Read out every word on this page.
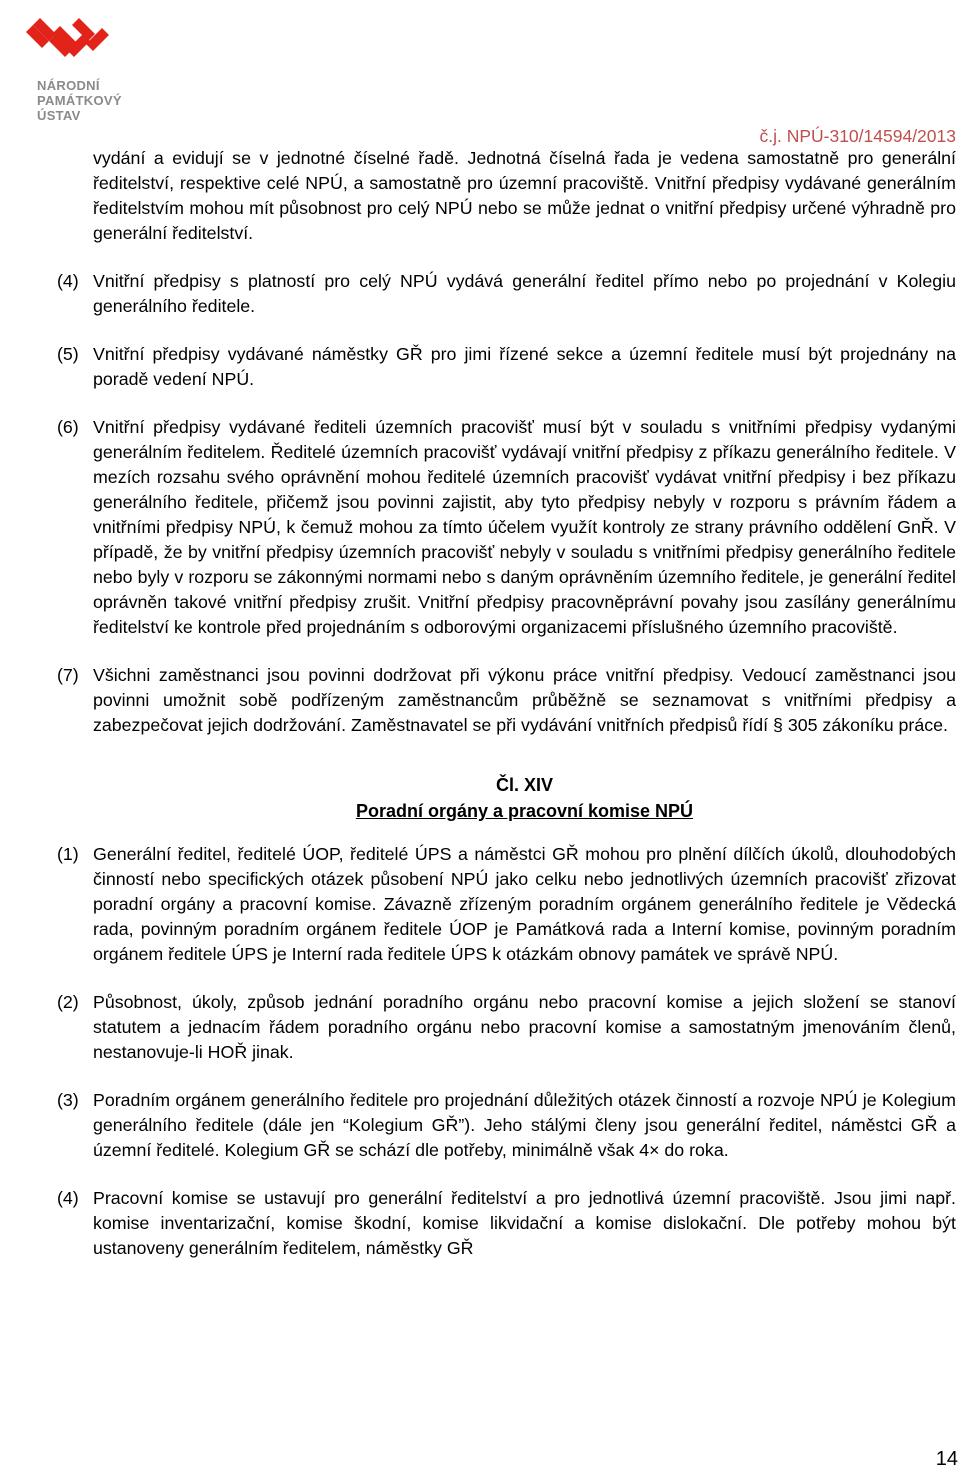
NÁRODNÍ
PAMÁTKOVÝ
ÚSTAV
č.j. NPÚ-310/14594/2013
vydání a evidují se v jednotné číselné řadě. Jednotná číselná řada je vedena samostatně pro generální ředitelství, respektive celé NPÚ, a samostatně pro územní pracoviště. Vnitřní předpisy vydávané generálním ředitelstvím mohou mít působnost pro celý NPÚ nebo se může jednat o vnitřní předpisy určené výhradně pro generální ředitelství.
(4) Vnitřní předpisy s platností pro celý NPÚ vydává generální ředitel přímo nebo po projednání v Kolegiu generálního ředitele.
(5) Vnitřní předpisy vydávané náměstky GŘ pro jimi řízené sekce a územní ředitele musí být projednány na poradě vedení NPÚ.
(6) Vnitřní předpisy vydávané řediteli územních pracovišť musí být v souladu s vnitřními předpisy vydanými generálním ředitelem. Ředitelé územních pracovišť vydávají vnitřní předpisy z příkazu generálního ředitele. V mezích rozsahu svého oprávnění mohou ředitelé územních pracovišť vydávat vnitřní předpisy i bez příkazu generálního ředitele, přičemž jsou povinni zajistit, aby tyto předpisy nebyly v rozporu s právním řádem a vnitřními předpisy NPÚ, k čemuž mohou za tímto účelem využít kontroly ze strany právního oddělení GnŘ. V případě, že by vnitřní předpisy územních pracovišť nebyly v souladu s vnitřními předpisy generálního ředitele nebo byly v rozporu se zákonnými normami nebo s daným oprávněním územního ředitele, je generální ředitel oprávněn takové vnitřní předpisy zrušit. Vnitřní předpisy pracovněprávní povahy jsou zasílány generálnímu ředitelství ke kontrole před projednáním s odborovými organizacemi příslušného územního pracoviště.
(7) Všichni zaměstnanci jsou povinni dodržovat při výkonu práce vnitřní předpisy. Vedoucí zaměstnanci jsou povinni umožnit sobě podřízeným zaměstnancům průběžně se seznamovat s vnitřními předpisy a zabezpečovat jejich dodržování. Zaměstnavatel se při vydávání vnitřních předpisů řídí § 305 zákoníku práce.
Čl. XIV
Poradní orgány a pracovní komise NPÚ
(1) Generální ředitel, ředitelé ÚOP, ředitelé ÚPS a náměstci GŘ mohou pro plnění dílčích úkolů, dlouhodobých činností nebo specifických otázek působení NPÚ jako celku nebo jednotlivých územních pracovišť zřizovat poradní orgány a pracovní komise. Závazně zřízeným poradním orgánem generálního ředitele je Vědecká rada, povinným poradním orgánem ředitele ÚOP je Památková rada a Interní komise, povinným poradním orgánem ředitele ÚPS je Interní rada ředitele ÚPS k otázkám obnovy památek ve správě NPÚ.
(2) Působnost, úkoly, způsob jednání poradního orgánu nebo pracovní komise a jejich složení se stanoví statutem a jednacím řádem poradního orgánu nebo pracovní komise a samostatným jmenováním členů, nestanovuje-li HOŘ jinak.
(3) Poradním orgánem generálního ředitele pro projednání důležitých otázek činností a rozvoje NPÚ je Kolegium generálního ředitele (dále jen “Kolegium GŘ”). Jeho stálými členy jsou generální ředitel, náměstci GŘ a územní ředitelé. Kolegium GŘ se schází dle potřeby, minimálně však 4× do roka.
(4) Pracovní komise se ustavují pro generální ředitelství a pro jednotlivá územní pracoviště. Jsou jimi např. komise inventarizační, komise škodní, komise likvidační a komise dislokační. Dle potřeby mohou být ustanoveny generálním ředitelem, náměstky GŘ
14
